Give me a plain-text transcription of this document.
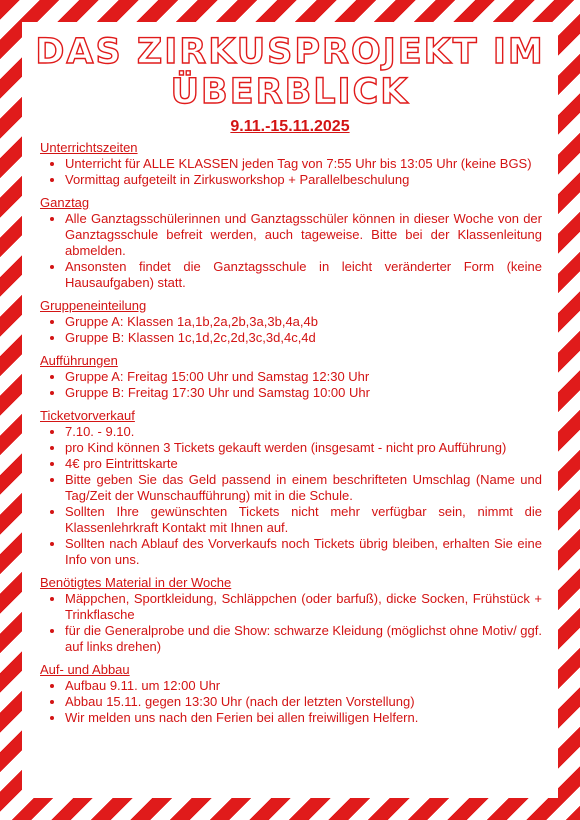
DAS ZIRKUSPROJEKT IM ÜBERBLICK
9.11.-15.11.2025
Unterrichtszeiten
• Unterricht für ALLE KLASSEN jeden Tag von 7:55 Uhr bis 13:05 Uhr (keine BGS)
• Vormittag aufgeteilt in Zirkusworkshop + Parallelbeschulung
Ganztag
• Alle Ganztagsschülerinnen und Ganztagsschüler können in dieser Woche von der Ganztagsschule befreit werden, auch tageweise. Bitte bei der Klassenleitung abmelden.
• Ansonsten findet die Ganztagsschule in leicht veränderter Form (keine Hausaufgaben) statt.
Gruppeneinteilung
• Gruppe A: Klassen 1a,1b,2a,2b,3a,3b,4a,4b
• Gruppe B: Klassen 1c,1d,2c,2d,3c,3d,4c,4d
Aufführungen
• Gruppe A: Freitag 15:00 Uhr und Samstag 12:30 Uhr
• Gruppe B: Freitag 17:30 Uhr und Samstag 10:00 Uhr
Ticketvorverkauf
• 7.10. - 9.10.
• pro Kind können 3 Tickets gekauft werden (insgesamt - nicht pro Aufführung)
• 4€ pro Eintrittskarte
• Bitte geben Sie das Geld passend in einem beschrifteten Umschlag (Name und Tag/Zeit der Wunschaufführung) mit in die Schule.
• Sollten Ihre gewünschten Tickets nicht mehr verfügbar sein, nimmt die Klassenlehrkraft Kontakt mit Ihnen auf.
• Sollten nach Ablauf des Vorverkaufs noch Tickets übrig bleiben, erhalten Sie eine Info von uns.
Benötigtes Material in der Woche
• Mäppchen, Sportkleidung, Schläppchen (oder barfuß), dicke Socken, Frühstück + Trinkflasche
• für die Generalprobe und die Show: schwarze Kleidung (möglichst ohne Motiv/ ggf. auf links drehen)
Auf- und Abbau
• Aufbau 9.11. um 12:00 Uhr
• Abbau 15.11. gegen 13:30 Uhr (nach der letzten Vorstellung)
• Wir melden uns nach den Ferien bei allen freiwilligen Helfern.
